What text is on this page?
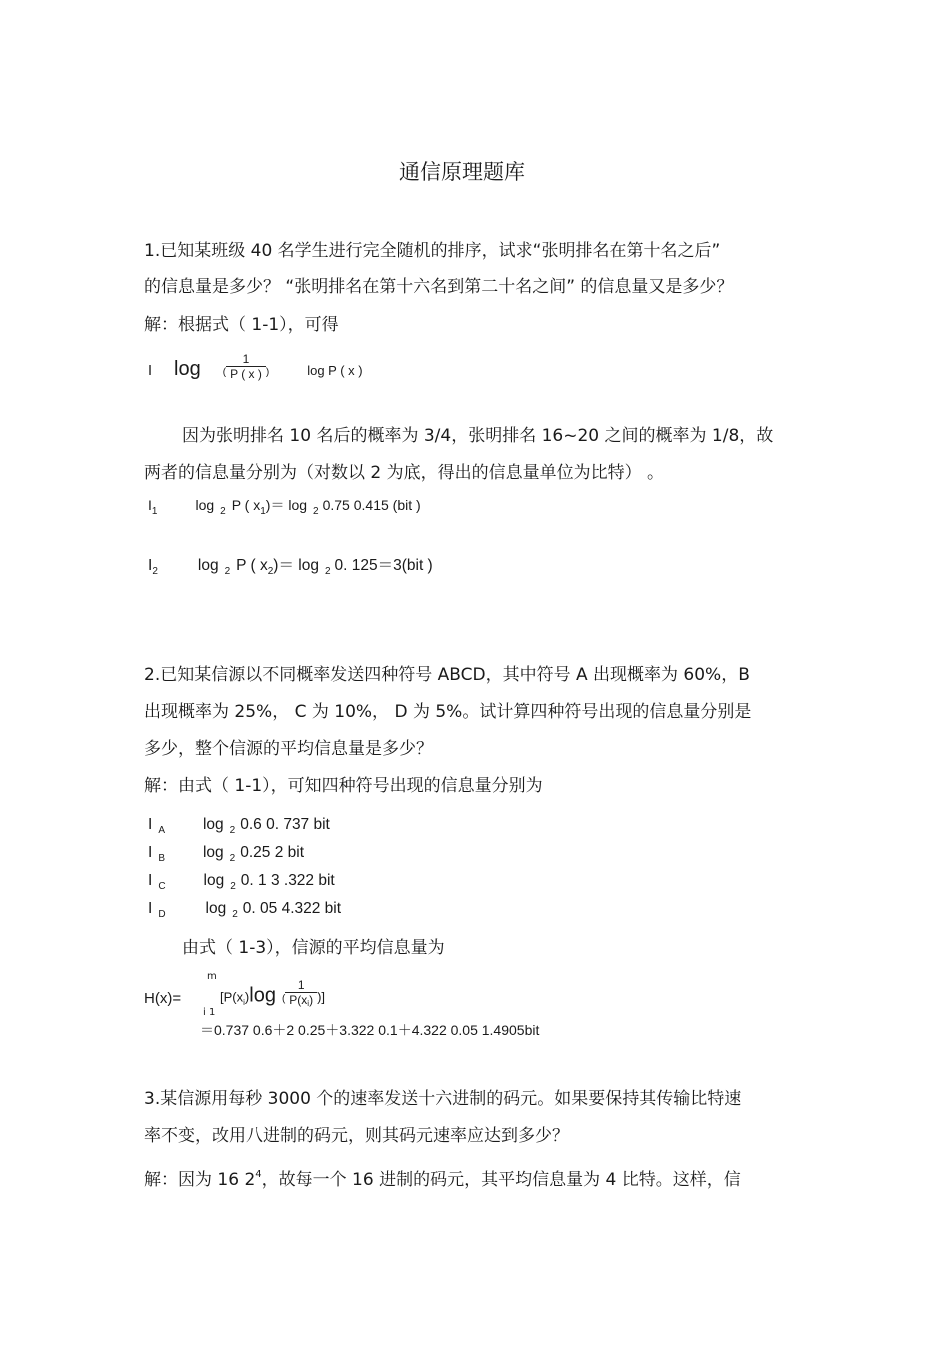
通信原理题库
1.已知某班级 40 名学生进行完全随机的排序，试求“张明排名在第十名之后”
的信息量是多少？ “张明排名在第十六名到第二十名之间” 的信息量又是多少？
解：根据式（ 1-1），可得
I log ( $\frac{1}{P ( x )}$ )	log P ( x )
因为张明排名 10 名后的概率为 3/4，张明排名 16~20 之间的概率为 1/8，故
两者的信息量分别为（对数以 2 为底，得出的信息量单位为比特） 。
$I_1$	log $_2$ P ( $x_1)= \log _2$ 0.75 0.415 (bit )
$I_2$	log $_2$ P ( $x_2)= \log _2$ 0. 125＝3(bit )
2.已知某信源以不同概率发送四种符号 ABCD，其中符号 A 出现概率为 60%，B
出现概率为 25%， C 为 10%， D 为 5%。试计算四种符号出现的信息量分别是
多少，整个信源的平均信息量是多少？
解：由式（ 1-1），可知四种符号出现的信息量分别为
I $_A$ log $_2$ 0.6 0. 737 bit
I $_B$ log $_2$ 0.25 2 bit
I $_C$ log $_2$ 0. 1 3 .322 bit
I $_D$	log $_2$ 0. 05 4.322 bit
由式（ 1-3），信源的平均信息量为
H(x)=
m
i 1
[$P(x_i)\log$ ( $\frac{1}{P(xi)}$ )]
＝0.737 0.6＋2 0.25＋3.322 0.1＋4.322 0.05 1.4905bit
3.某信源用每秒 3000 个的速率发送十六进制的码元。如果要保持其传输比特速
率不变，改用八进制的码元，则其码元速率应达到多少？
解：因为 16 $2^4$，故每一个 16 进制的码元，其平均信息量为 4 比特。这样，信
